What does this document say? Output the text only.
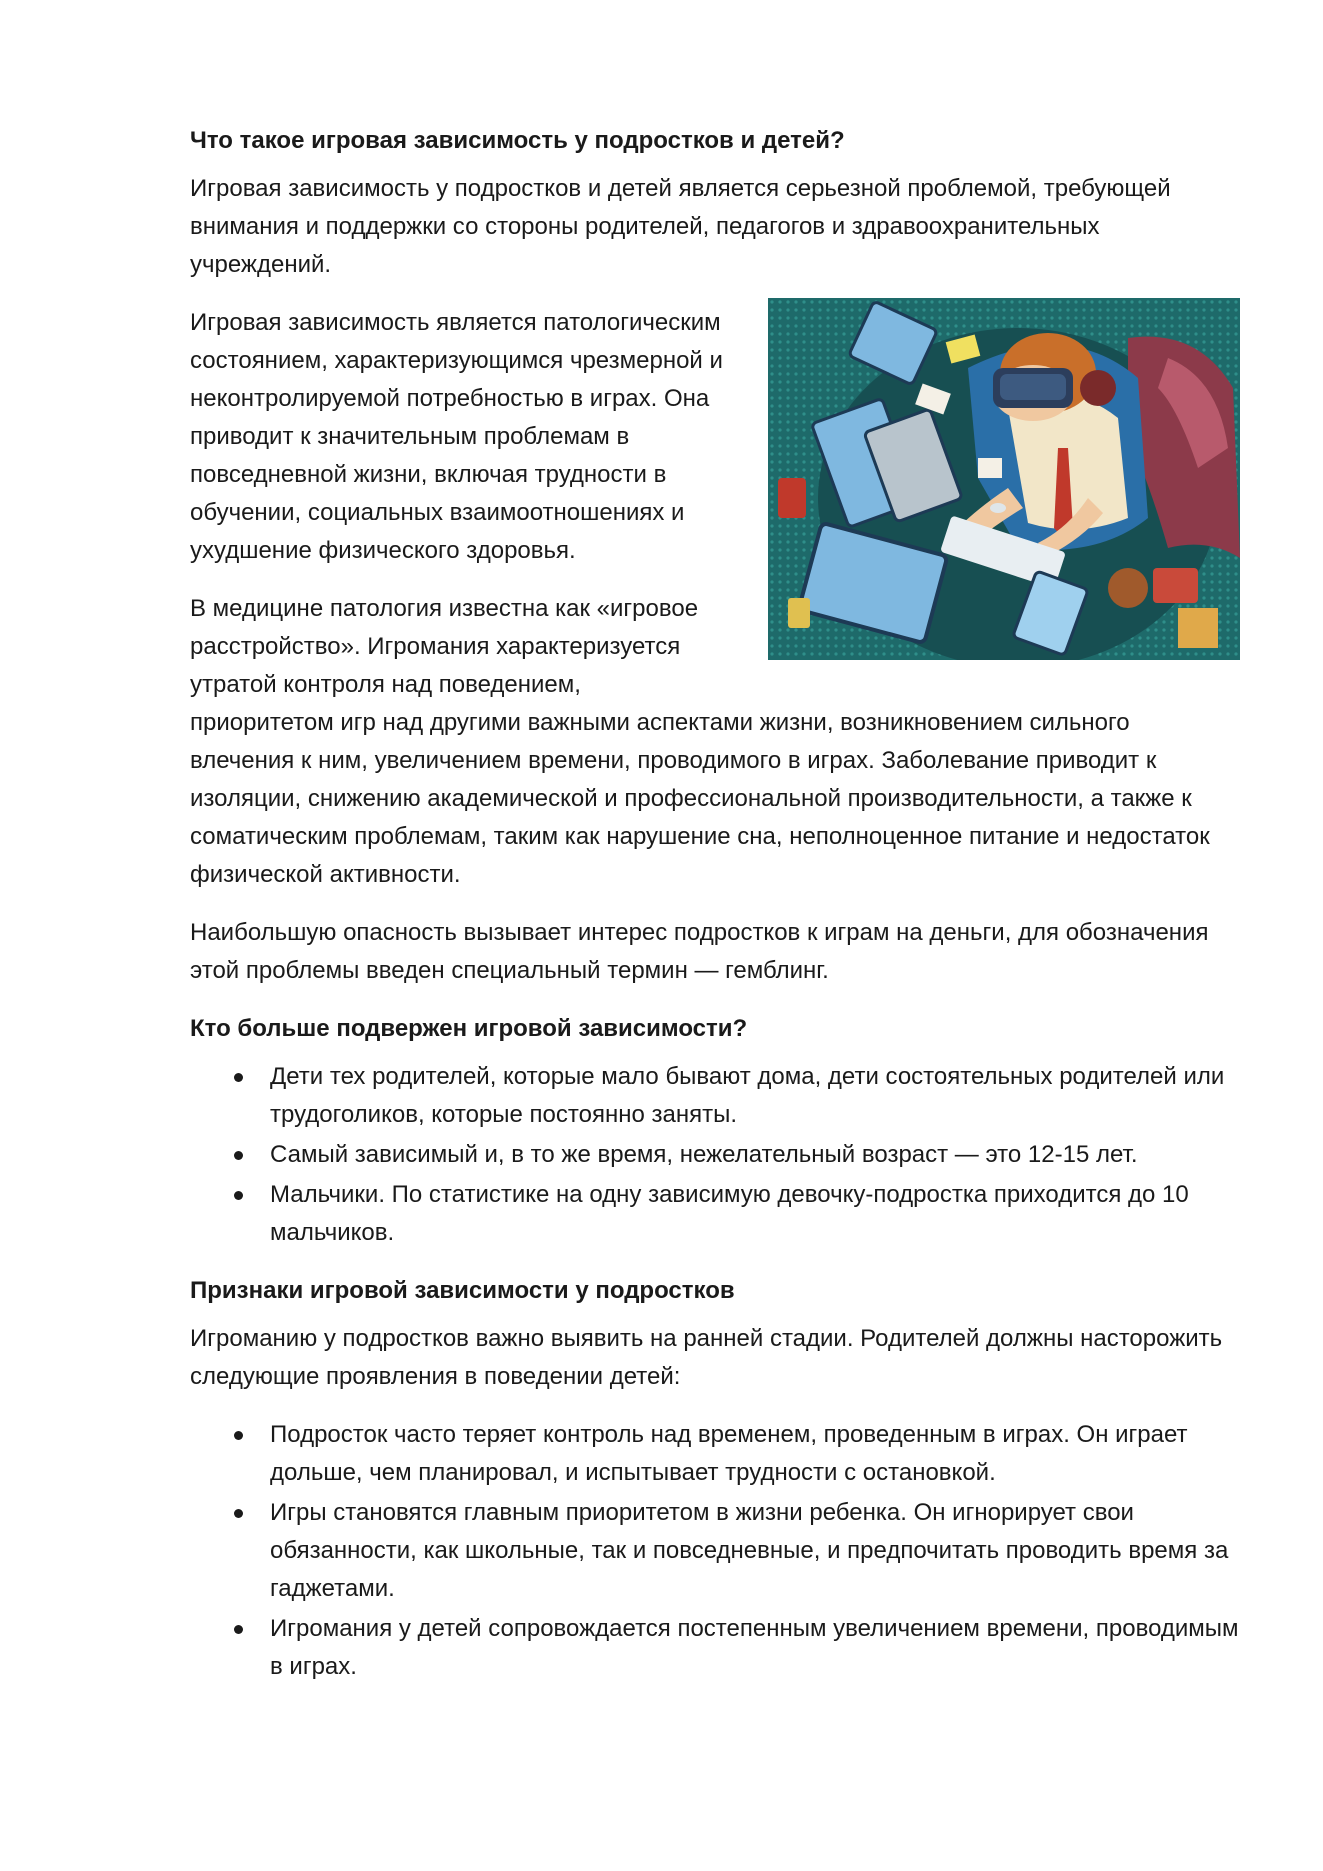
Что такое игровая зависимость у подростков и детей?

Игровая зависимость у подростков и детей является серьезной проблемой, требующей внимания и поддержки со стороны родителей, педагогов и здравоохранительных учреждений.

Игровая зависимость является патологическим состоянием, характеризующимся чрезмерной и неконтролируемой потребностью в играх. Она приводит к значительным проблемам в повседневной жизни, включая трудности в обучении, социальных взаимоотношениях и ухудшение физического здоровья.

В медицине патология известна как «игровое расстройство». Игромания характеризуется утратой контроля над поведением, приоритетом игр над другими важными аспектами жизни, возникновением сильного влечения к ним, увеличением времени, проводимого в играх. Заболевание приводит к изоляции, снижению академической и профессиональной производительности, а также к соматическим проблемам, таким как нарушение сна, неполноценное питание и недостаток физической активности.

Наибольшую опасность вызывает интерес подростков к играм на деньги, для обозначения этой проблемы введен специальный термин — гемблинг.

Кто больше подвержен игровой зависимости?
Дети тех родителей, которые мало бывают дома, дети состоятельных родителей или трудоголиков, которые постоянно заняты.
Самый зависимый и, в то же время, нежелательный возраст — это 12-15 лет.
Мальчики. По статистике на одну зависимую девочку-подростка приходится до 10 мальчиков.
Признаки игровой зависимости у подростков

Игроманию у подростков важно выявить на ранней стадии. Родителей должны насторожить следующие проявления в поведении детей:

Подросток часто теряет контроль над временем, проведенным в играх. Он играет дольше, чем планировал, и испытывает трудности с остановкой.
Игры становятся главным приоритетом в жизни ребенка. Он игнорирует свои обязанности, как школьные, так и повседневные, и предпочитать проводить время за гаджетами.
Игромания у детей сопровождается постепенным увеличением времени, проводимым в играх.
